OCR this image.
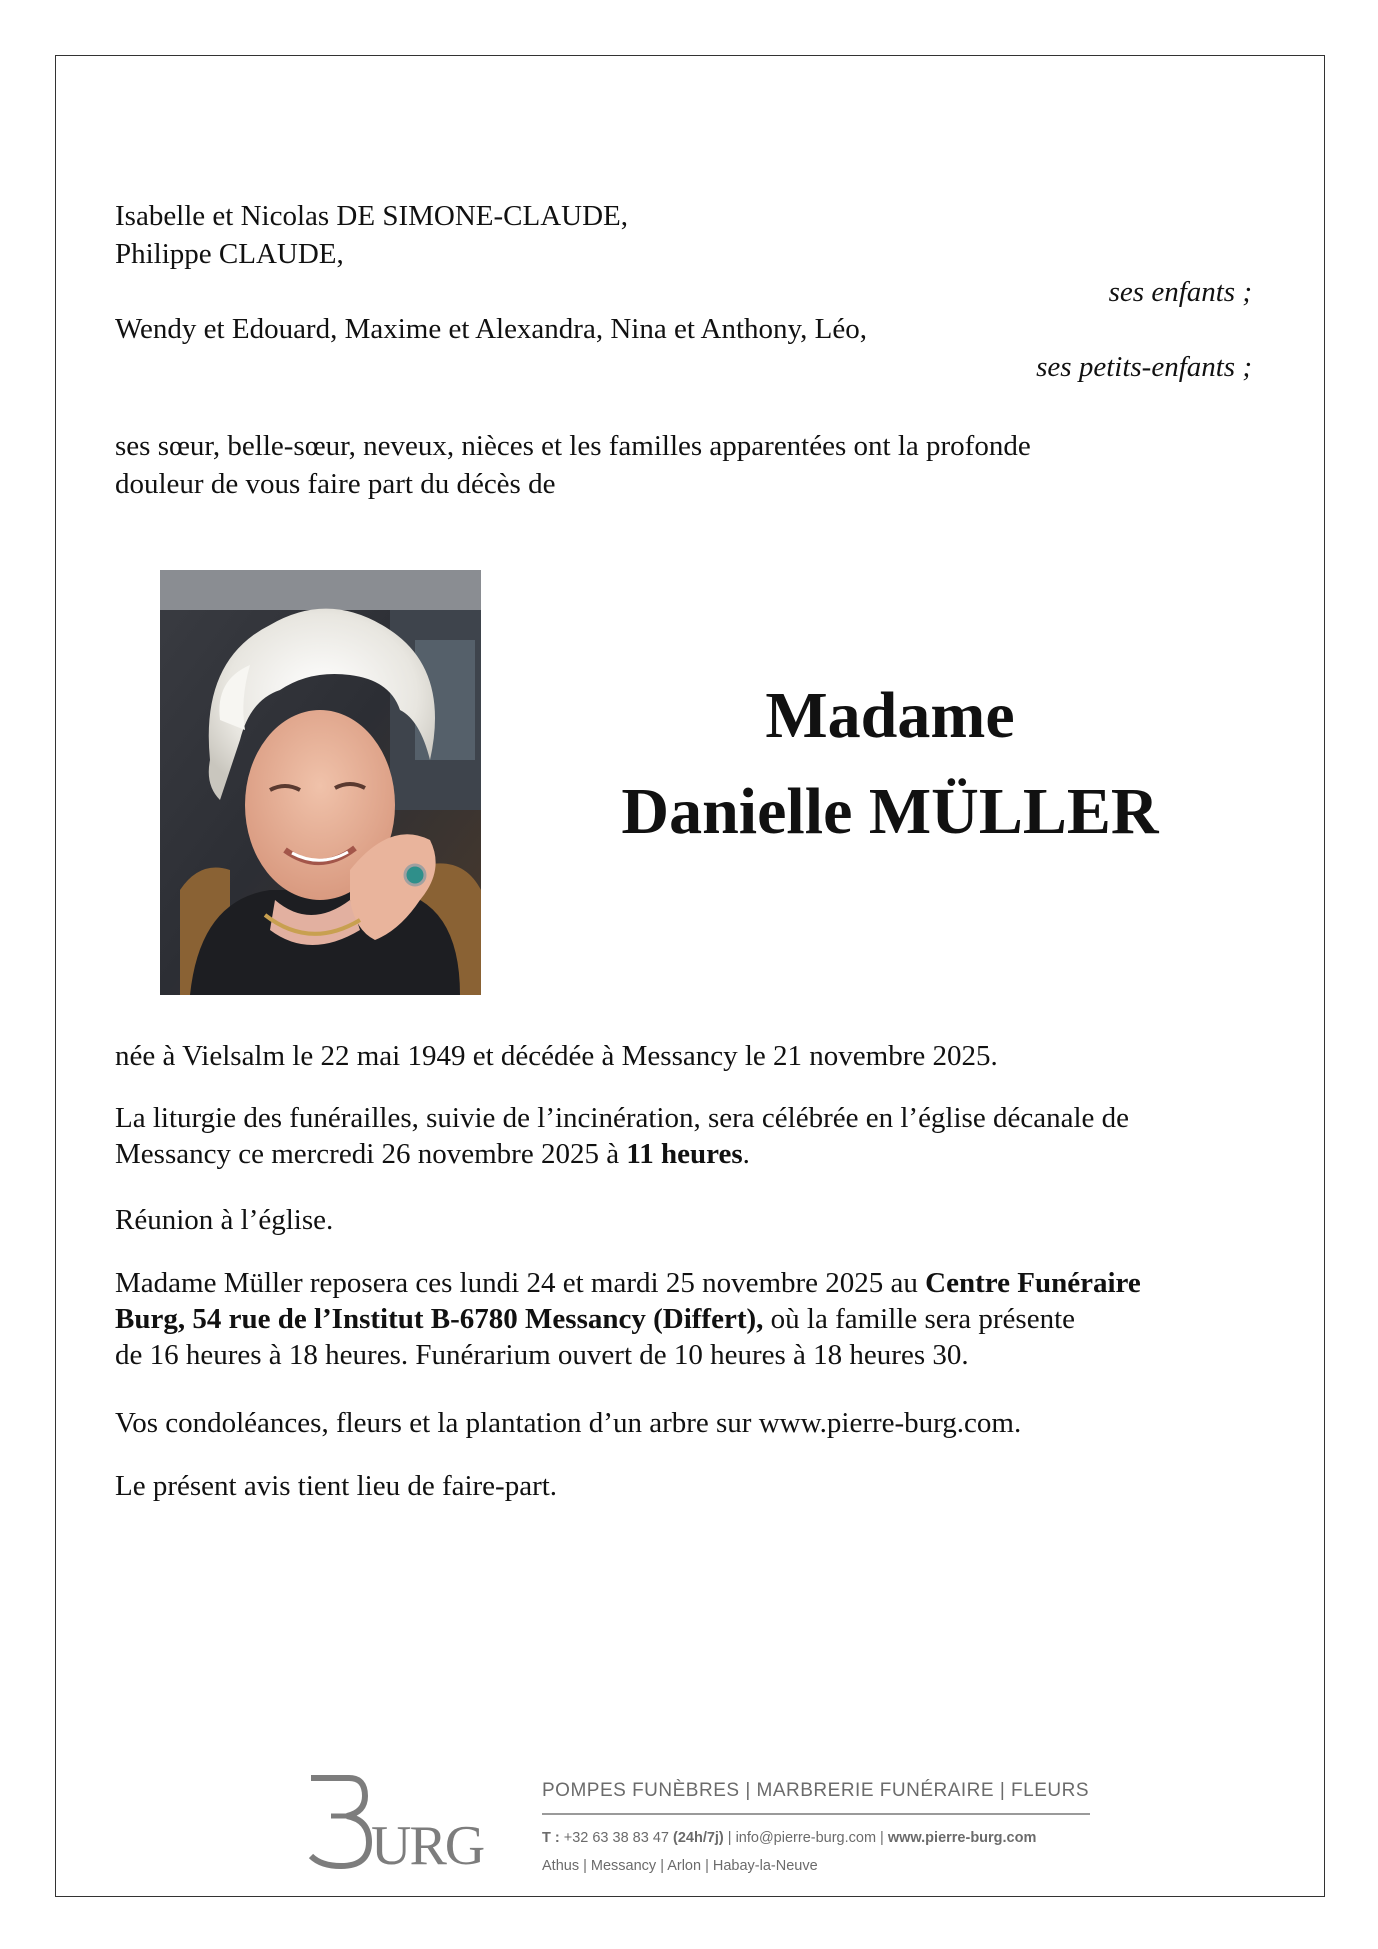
Isabelle et Nicolas DE SIMONE-CLAUDE,
Philippe CLAUDE,
ses enfants ;
Wendy et Edouard, Maxime et Alexandra, Nina et Anthony, Léo,
ses petits-enfants ;
ses sœur, belle-sœur, neveux, nièces et les familles apparentées ont la profonde
douleur de vous faire part du décès de
Madame
Danielle MÜLLER
née à Vielsalm le 22 mai 1949 et décédée à Messancy le 21 novembre 2025.
La liturgie des funérailles, suivie de l’incinération, sera célébrée en l’église décanale de
Messancy ce mercredi 26 novembre 2025 à 11 heures.
Réunion à l’église.
Madame Müller reposera ces lundi 24 et mardi 25 novembre 2025 au Centre Funéraire
Burg, 54 rue de l’Institut B-6780 Messancy (Differt), où la famille sera présente
de 16 heures à 18 heures. Funérarium ouvert de 10 heures à 18 heures 30.
Vos condoléances, fleurs et la plantation d’un arbre sur www.pierre-burg.com.
Le présent avis tient lieu de faire-part.
URG
POMPES FUNÈBRES | MARBRERIE FUNÉRAIRE | FLEURS
T : +32 63 38 83 47 (24h/7j) | info@pierre-burg.com | www.pierre-burg.com
Athus | Messancy | Arlon | Habay-la-Neuve
